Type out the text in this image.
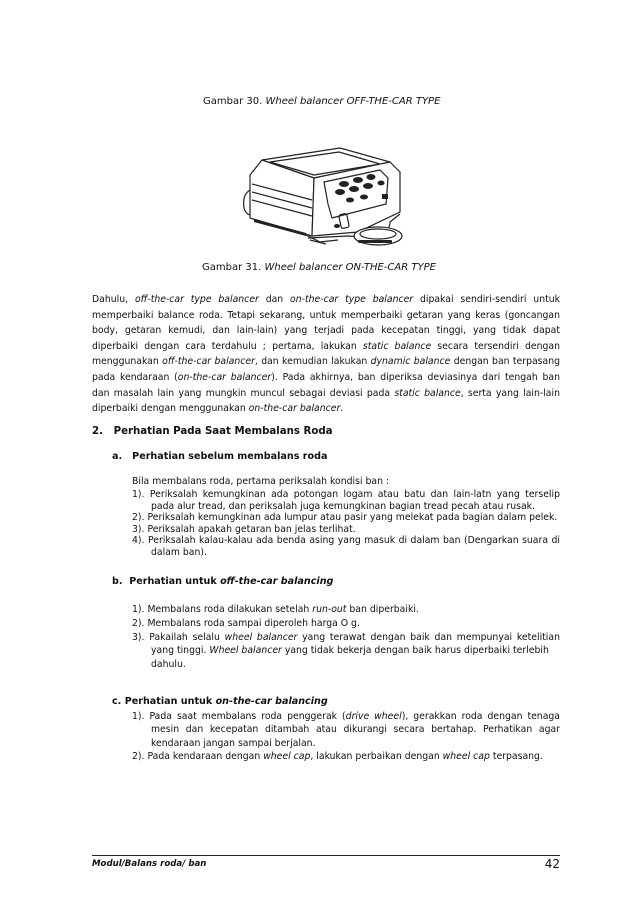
Gambar 30. Wheel balancer OFF-THE-CAR TYPE
Gambar 31. Wheel balancer ON-THE-CAR TYPE
Dahulu, off-the-car type balancer dan on-the-car type balancer dipakai sendiri-sendiri untuk memperbaiki balance roda. Tetapi sekarang, untuk memperbaiki getaran yang keras (goncangan body, getaran kemudi, dan lain-lain) yang terjadi pada kecepatan tinggi, yang tidak dapat diperbaiki dengan cara terdahulu ; pertama, lakukan static balance secara tersendiri dengan menggunakan off-the-car balancer, dan kemudian lakukan dynamic balance dengan ban terpasang pada kendaraan (on-the-car balancer). Pada akhirnya, ban diperiksa deviasinya dari tengah ban dan masalah lain yang mungkin muncul sebagai deviasi pada static balance, serta yang lain-lain diperbaiki dengan menggunakan on-the-car balancer.
2. Perhatian Pada Saat Membalans Roda
a. Perhatian sebelum membalans roda
Bila membalans roda, pertama periksalah kondisi ban :
1). Periksalah kemungkinan ada potongan logam atau batu dan lain-latn yang terselip
pada alur tread, dan periksalah juga kemungkinan bagian tread pecah atau rusak.
2). Periksalah kemungkinan ada lumpur atau pasir yang melekat pada bagian dalam pelek.
3). Periksalah apakah getaran ban jelas terlihat.
4). Periksalah kalau-kalau ada benda asing yang masuk di dalam ban (Dengarkan suara di
dalam ban).
b. Perhatian untuk off-the-car balancing
1). Membalans roda dilakukan setelah run-out ban diperbaiki.
2). Membalans roda sampai diperoleh harga O g.
3). Pakailah selalu wheel balancer yang terawat dengan baik dan mempunyai ketelitian
yang tinggi. Wheel balancer yang tidak bekerja dengan baik harus diperbaiki terlebih
dahulu.
c. Perhatian untuk on-the-car balancing
1). Pada saat membalans roda penggerak (drive wheel), gerakkan roda dengan tenaga
mesin dan kecepatan ditambah atau dikurangi secara bertahap. Perhatikan agar
kendaraan jangan sampai berjalan.
2). Pada kendaraan dengan wheel cap, lakukan perbaikan dengan wheel cap terpasang.
Modul/Balans roda/ ban	42
